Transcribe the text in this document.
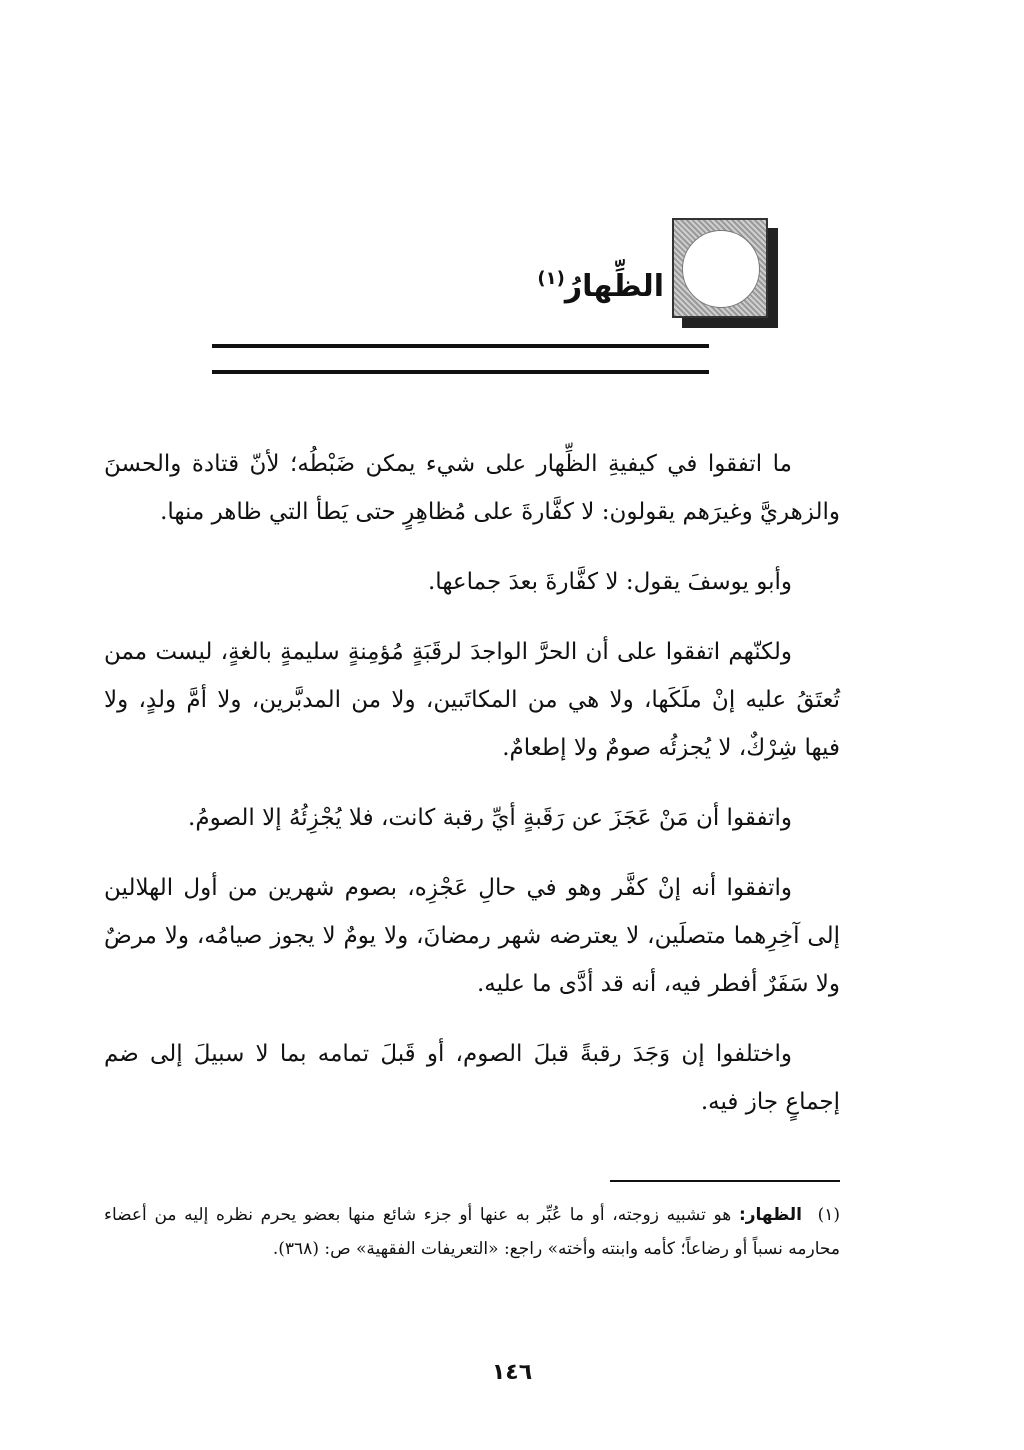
الظِّهارُ$^{(١)}$

ما اتفقوا في كيفيةِ الظِّهار على شيء يمكن ضَبْطُه؛ لأنّ قتادة والحسنَ والزهريَّ وغيرَهم يقولون: لا كفَّارةَ على مُظاهِرٍ حتى يَطأ التي ظاهر منها.

وأبو يوسفَ يقول: لا كفَّارةَ بعدَ جماعها.

ولكنّهم اتفقوا على أن الحرَّ الواجدَ لرقَبَةٍ مُؤمِنةٍ سليمةٍ بالغةٍ، ليست ممن تُعتَقُ عليه إنْ ملَكَها، ولا هي من المكاتَبين، ولا من المدبَّرين، ولا أمَّ ولدٍ، ولا فيها شِرْكٌ، لا يُجزئُه صومٌ ولا إطعامٌ.

واتفقوا أن مَنْ عَجَزَ عن رَقَبةٍ أيِّ رقبة كانت، فلا يُجْزِئُهُ إلا الصومُ.

واتفقوا أنه إنْ كفَّر وهو في حالِ عَجْزِه، بصوم شهرين من أول الهلالين إلى آخِرِهما متصلَين، لا يعترضه شهر رمضانَ، ولا يومٌ لا يجوز صيامُه، ولا مرضٌ ولا سَفَرٌ أفطر فيه، أنه قد أدَّى ما عليه.

واختلفوا إن وَجَدَ رقبةً قبلَ الصوم، أو قَبلَ تمامه بما لا سبيلَ إلى ضم إجماعٍ جاز فيه.

(١) الظهار: هو تشبيه زوجته، أو ما عُبِّر به عنها أو جزء شائع منها بعضو يحرم نظره إليه من أعضاء محارمه نسباً أو رضاعاً؛ كأمه وابنته وأخته» راجع: «التعريفات الفقهية» ص: (٣٦٨).
١٤٦
